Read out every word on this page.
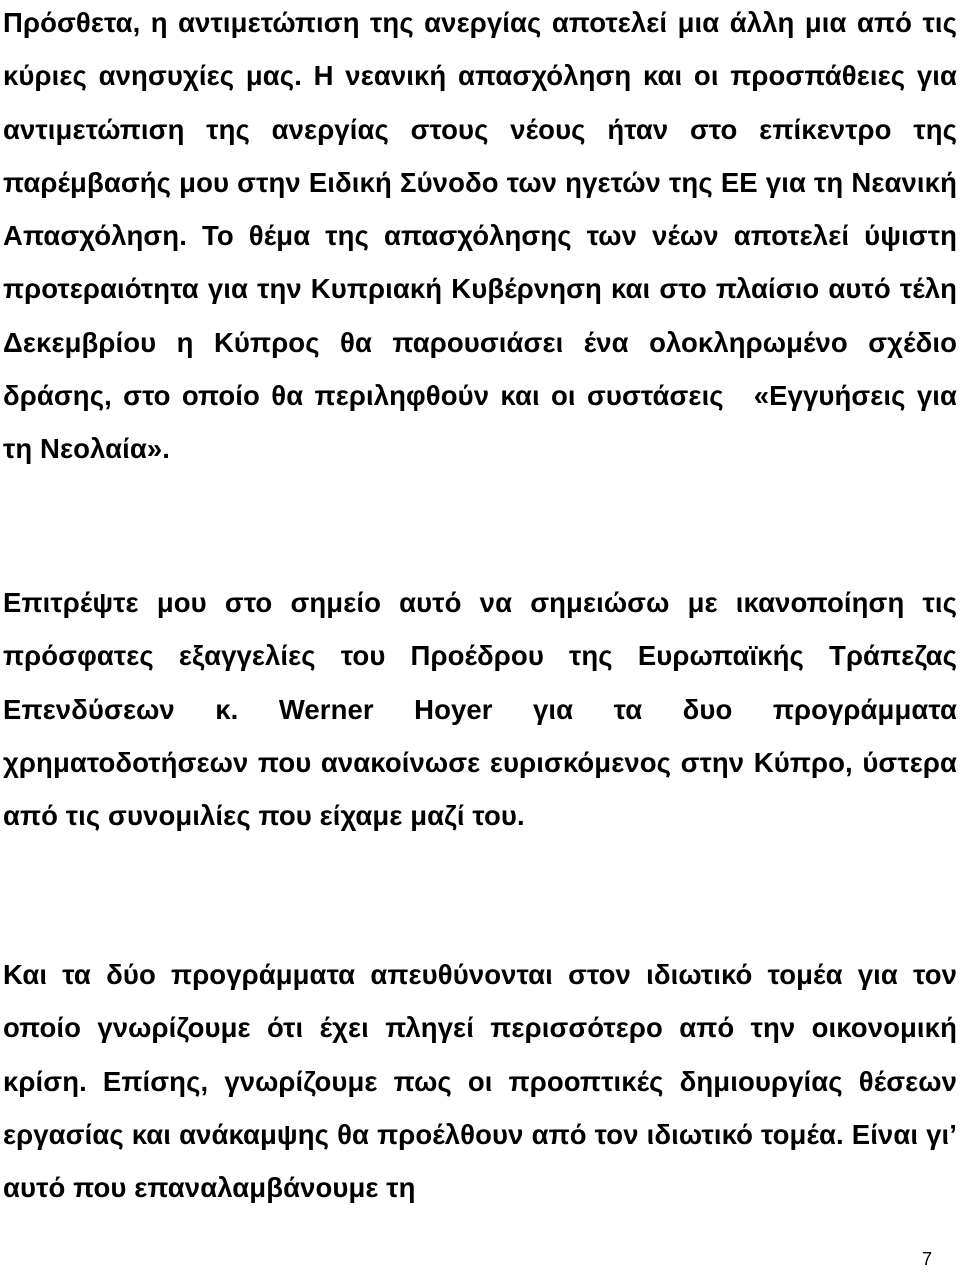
Πρόσθετα, η αντιμετώπιση της ανεργίας αποτελεί μια άλλη μια από τις κύριες ανησυχίες μας. Η νεανική απασχόληση και οι προσπάθειες για αντιμετώπιση της ανεργίας στους νέους ήταν στο επίκεντρο της παρέμβασής μου στην Ειδική Σύνοδο των ηγετών της ΕΕ για τη Νεανική Απασχόληση. Το θέμα της απασχόλησης των νέων αποτελεί ύψιστη προτεραιότητα για την Κυπριακή Κυβέρνηση και στο πλαίσιο αυτό τέλη Δεκεμβρίου η Κύπρος θα παρουσιάσει ένα ολοκληρωμένο σχέδιο δράσης, στο οποίο θα περιληφθούν και οι συστάσεις «Εγγυήσεις για τη Νεολαία».

Επιτρέψτε μου στο σημείο αυτό να σημειώσω με ικανοποίηση τις πρόσφατες εξαγγελίες του Προέδρου της Ευρωπαϊκής Τράπεζας Επενδύσεων κ. Werner Hoyer για τα δυο προγράμματα χρηματοδοτήσεων που ανακοίνωσε ευρισκόμενος στην Κύπρο, ύστερα από τις συνομιλίες που είχαμε μαζί του.

Και τα δύο προγράμματα απευθύνονται στον ιδιωτικό τομέα για τον οποίο γνωρίζουμε ότι έχει πληγεί περισσότερο από την οικονομική κρίση. Επίσης, γνωρίζουμε πως οι προοπτικές δημιουργίας θέσεων εργασίας και ανάκαμψης θα προέλθουν από τον ιδιωτικό τομέα. Είναι γι’ αυτό που επαναλαμβάνουμε τη

7
